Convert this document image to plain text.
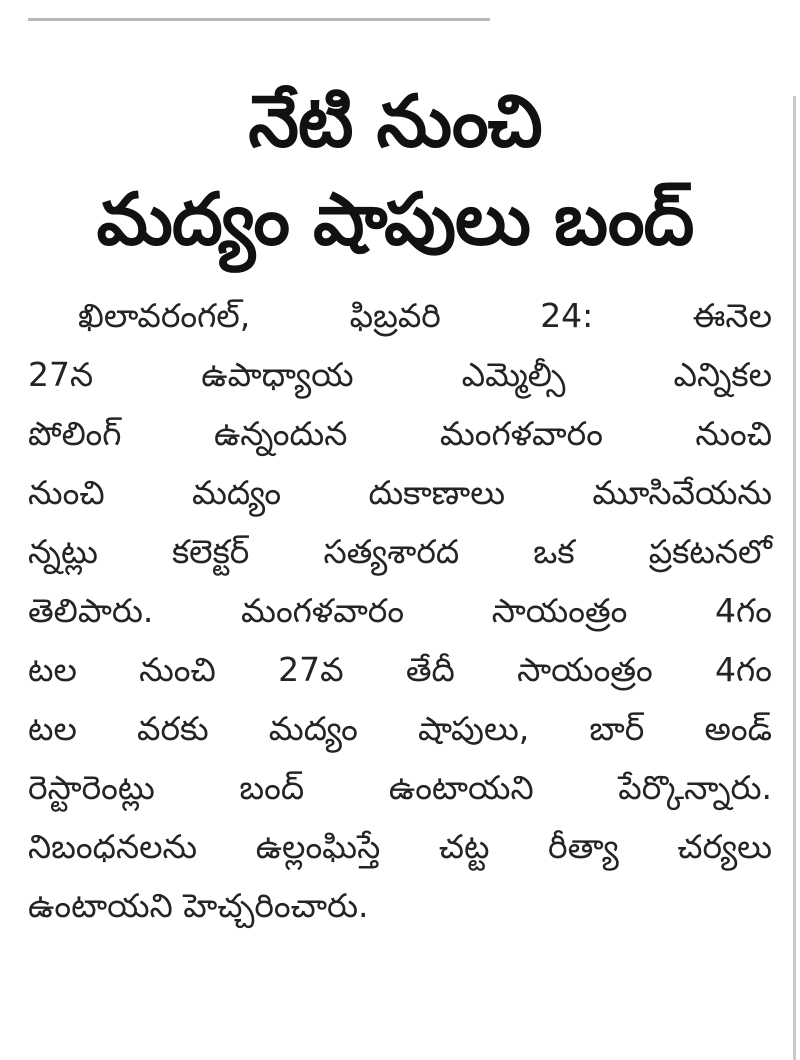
నేటి నుంచి
మద్యం షాపులు బంద్
ఖిలావరంగల్, ఫిబ్రవరి 24: ఈనెల
27న ఉపాధ్యాయ ఎమ్మెల్సీ ఎన్నికల
పోలింగ్ ఉన్నందున మంగళవారం నుంచి
నుంచి మద్యం దుకాణాలు మూసివేయను
న్నట్లు కలెక్టర్ సత్యశారద ఒక ప్రకటనలో
తెలిపారు. మంగళవారం సాయంత్రం 4గం
టల నుంచి 27వ తేదీ సాయంత్రం 4గం
టల వరకు మద్యం షాపులు, బార్ అండ్
రెస్టారెంట్లు బంద్ ఉంటాయని పేర్కొన్నారు.
నిబంధనలను ఉల్లంఘిస్తే చట్ట రీత్యా చర్యలు
ఉంటాయని హెచ్చరించారు.
